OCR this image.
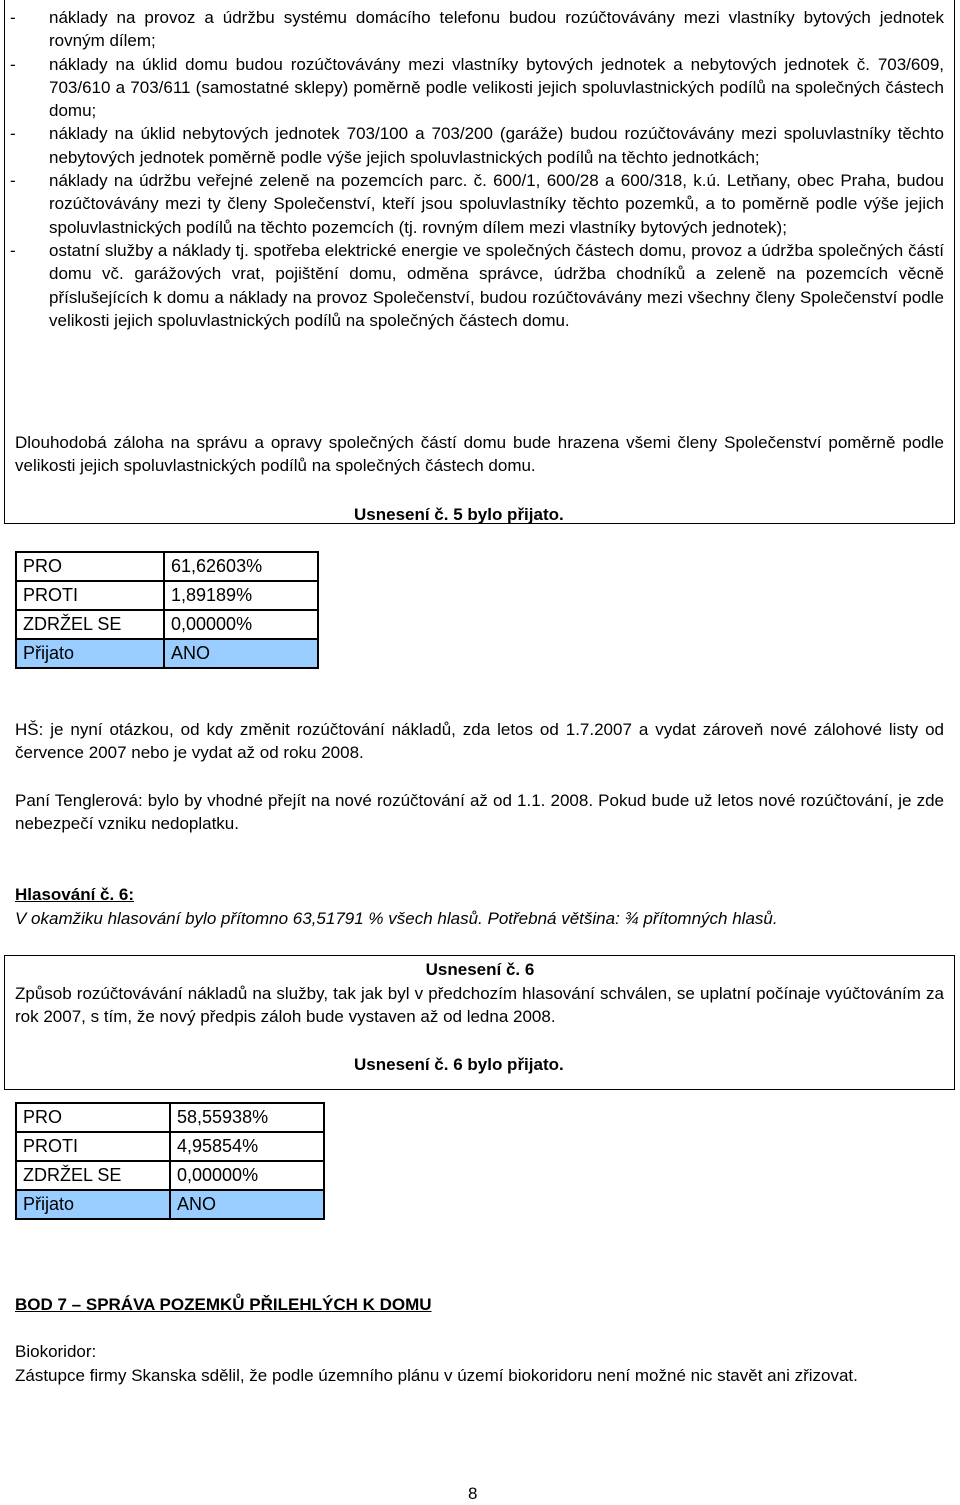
- náklady na provoz a údržbu systému domácího telefonu budou rozúčtovávány mezi vlastníky bytových jednotek rovným dílem;
- náklady na úklid domu budou rozúčtovávány mezi vlastníky bytových jednotek a nebytových jednotek č. 703/609, 703/610 a 703/611 (samostatné sklepy) poměrně podle velikosti jejich spoluvlastnických podílů na společných částech domu;
- náklady na úklid nebytových jednotek 703/100 a 703/200 (garáže) budou rozúčtovávány mezi spoluvlastníky těchto nebytových jednotek poměrně podle výše jejich spoluvlastnických podílů na těchto jednotkách;
- náklady na údržbu veřejné zeleně na pozemcích parc. č. 600/1, 600/28 a 600/318, k.ú. Letňany, obec Praha, budou rozúčtovávány mezi ty členy Společenství, kteří jsou spoluvlastníky těchto pozemků, a to poměrně podle výše jejich spoluvlastnických podílů na těchto pozemcích (tj. rovným dílem mezi vlastníky bytových jednotek);
- ostatní služby a náklady tj. spotřeba elektrické energie ve společných částech domu, provoz a údržba společných částí domu vč. garážových vrat, pojištění domu, odměna správce, údržba chodníků a zeleně na pozemcích věcně příslušejících k domu a náklady na provoz Společenství, budou rozúčtovávány mezi všechny členy Společenství podle velikosti jejich spoluvlastnických podílů na společných částech domu.

Dlouhodobá záloha na správu a opravy společných částí domu bude hrazena všemi členy Společenství poměrně podle velikosti jejich spoluvlastnických podílů na společných částech domu.

Usnesení č. 5 bylo přijato.

PRO	61,62603%
PROTI	1,89189%
ZDRŽEL SE	0,00000%
Přijato	ANO

HŠ: je nyní otázkou, od kdy změnit rozúčtování nákladů, zda letos od 1.7.2007 a vydat zároveň nové zálohové listy od července 2007 nebo je vydat až od roku 2008.

Paní Tenglerová: bylo by vhodné přejít na nové rozúčtování až od 1.1. 2008. Pokud bude už letos nové rozúčtování, je zde nebezpečí vzniku nedoplatku.

Hlasování č. 6:

V okamžiku hlasování bylo přítomno 63,51791 % všech hlasů. Potřebná většina: ¾ přítomných hlasů.

Usnesení č. 6

Způsob rozúčtovávání nákladů na služby, tak jak byl v předchozím hlasování schválen, se uplatní počínaje vyúčtováním za rok 2007, s tím, že nový předpis záloh bude vystaven až od ledna 2008.

Usnesení č. 6 bylo přijato.

PRO	58,55938%
PROTI	4,95854%
ZDRŽEL SE	0,00000%
Přijato	ANO

BOD 7 – SPRÁVA POZEMKŮ PŘILEHLÝCH K DOMU

Biokoridor:

Zástupce firmy Skanska sdělil, že podle územního plánu v území biokoridoru není možné nic stavět ani zřizovat.

8
